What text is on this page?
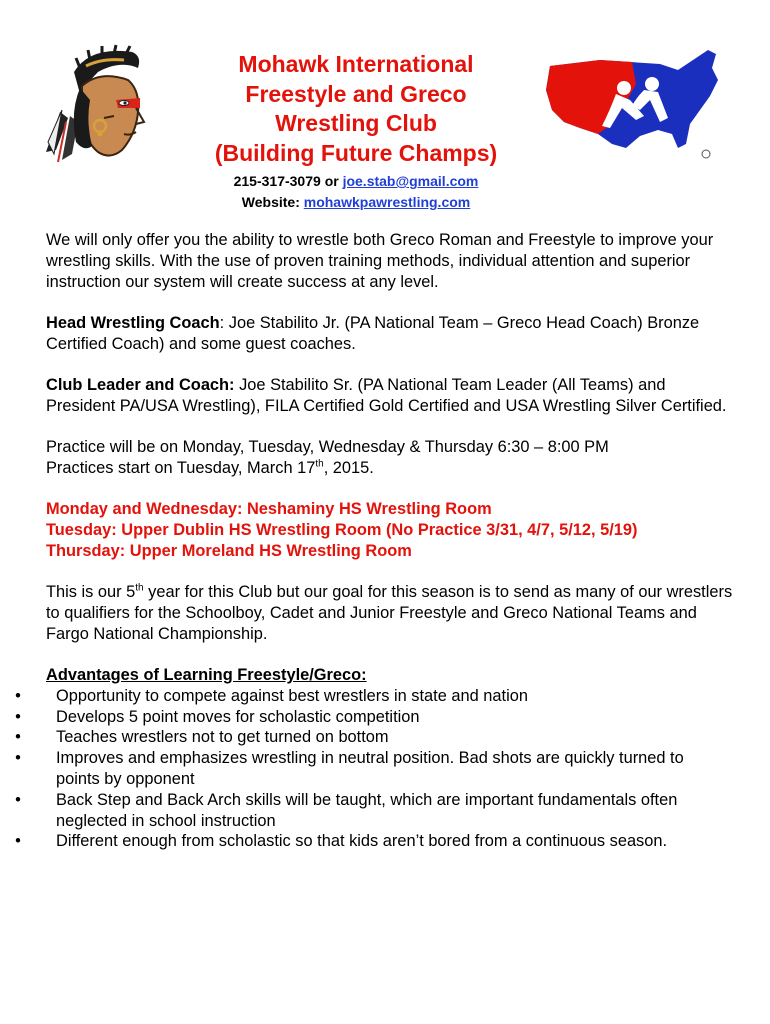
Mohawk International
Freestyle and Greco
Wrestling Club
(Building Future Champs)
215-317-3079 or joe.stab@gmail.com
Website: mohawkpawrestling.com

We will only offer you the ability to wrestle both Greco Roman and Freestyle to improve your wrestling skills. With the use of proven training methods, individual attention and superior instruction our system will create success at any level.

Head Wrestling Coach: Joe Stabilito Jr. (PA National Team – Greco Head Coach) Bronze Certified Coach) and some guest coaches.

Club Leader and Coach: Joe Stabilito Sr. (PA National Team Leader (All Teams) and President PA/USA Wrestling), FILA Certified Gold Certified and USA Wrestling Silver Certified.

Practice will be on Monday, Tuesday, Wednesday & Thursday 6:30 – 8:00 PM
Practices start on Tuesday, March 17th, 2015.

Monday and Wednesday: Neshaminy HS Wrestling Room
Tuesday: Upper Dublin HS Wrestling Room (No Practice 3/31, 4/7, 5/12, 5/19)
Thursday: Upper Moreland HS Wrestling Room

This is our 5th year for this Club but our goal for this season is to send as many of our wrestlers to qualifiers for the Schoolboy, Cadet and Junior Freestyle and Greco National Teams and Fargo National Championship.

Advantages of Learning Freestyle/Greco:
•	Opportunity to compete against best wrestlers in state and nation
•	Develops 5 point moves for scholastic competition
•	Teaches wrestlers not to get turned on bottom
•	Improves and emphasizes wrestling in neutral position. Bad shots are quickly turned to points by opponent
•	Back Step and Back Arch skills will be taught, which are important fundamentals often neglected in school instruction
•	Different enough from scholastic so that kids aren’t bored from a continuous season.
